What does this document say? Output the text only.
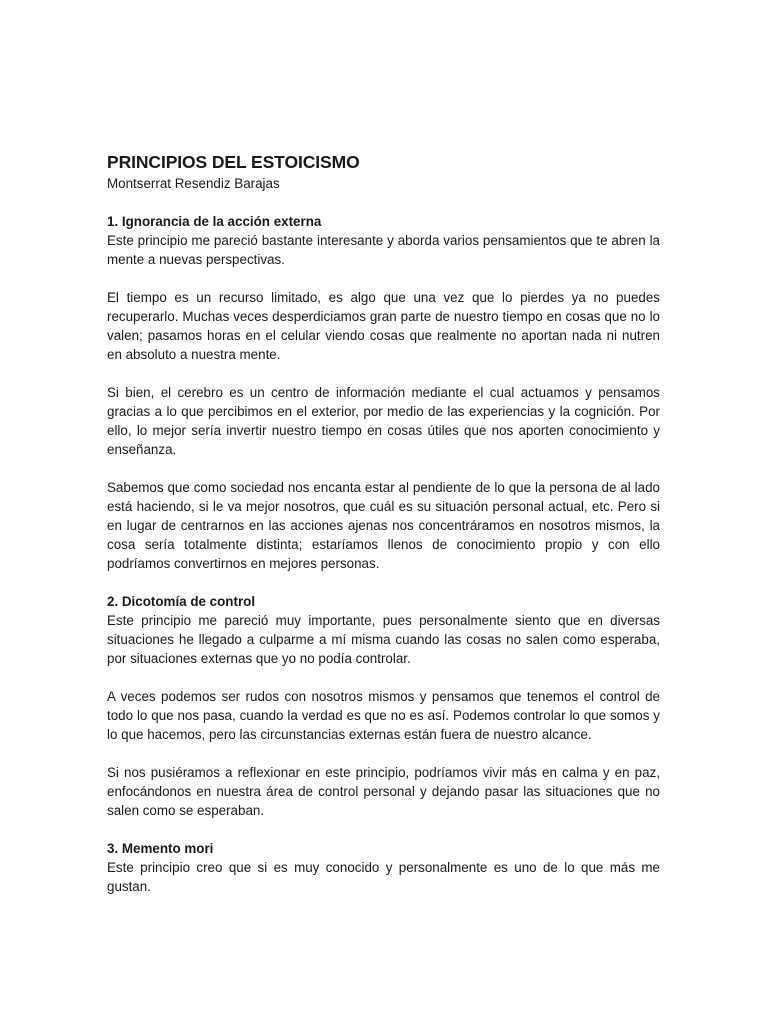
PRINCIPIOS DEL ESTOICISMO

Montserrat Resendiz Barajas

1. Ignorancia de la acción externa

Este principio me pareció bastante interesante y aborda varios pensamientos que te abren la mente a nuevas perspectivas.

El tiempo es un recurso limitado, es algo que una vez que lo pierdes ya no puedes recuperarlo. Muchas veces desperdiciamos gran parte de nuestro tiempo en cosas que no lo valen; pasamos horas en el celular viendo cosas que realmente no aportan nada ni nutren en absoluto a nuestra mente.

Si bien, el cerebro es un centro de información mediante el cual actuamos y pensamos gracias a lo que percibimos en el exterior, por medio de las experiencias y la cognición. Por ello, lo mejor sería invertir nuestro tiempo en cosas útiles que nos aporten conocimiento y enseñanza.

Sabemos que como sociedad nos encanta estar al pendiente de lo que la persona de al lado está haciendo, si le va mejor nosotros, que cuál es su situación personal actual, etc. Pero si en lugar de centrarnos en las acciones ajenas nos concentráramos en nosotros mismos, la cosa sería totalmente distinta; estaríamos llenos de conocimiento propio y con ello podríamos convertirnos en mejores personas.

2. Dicotomía de control

Este principio me pareció muy importante, pues personalmente siento que en diversas situaciones he llegado a culparme a mí misma cuando las cosas no salen como esperaba, por situaciones externas que yo no podía controlar.

A veces podemos ser rudos con nosotros mismos y pensamos que tenemos el control de todo lo que nos pasa, cuando la verdad es que no es así. Podemos controlar lo que somos y lo que hacemos, pero las circunstancias externas están fuera de nuestro alcance.

Si nos pusiéramos a reflexionar en este principio, podríamos vivir más en calma y en paz, enfocándonos en nuestra área de control personal y dejando pasar las situaciones que no salen como se esperaban.

3. Memento mori

Este principio creo que si es muy conocido y personalmente es uno de lo que más me gustan.
